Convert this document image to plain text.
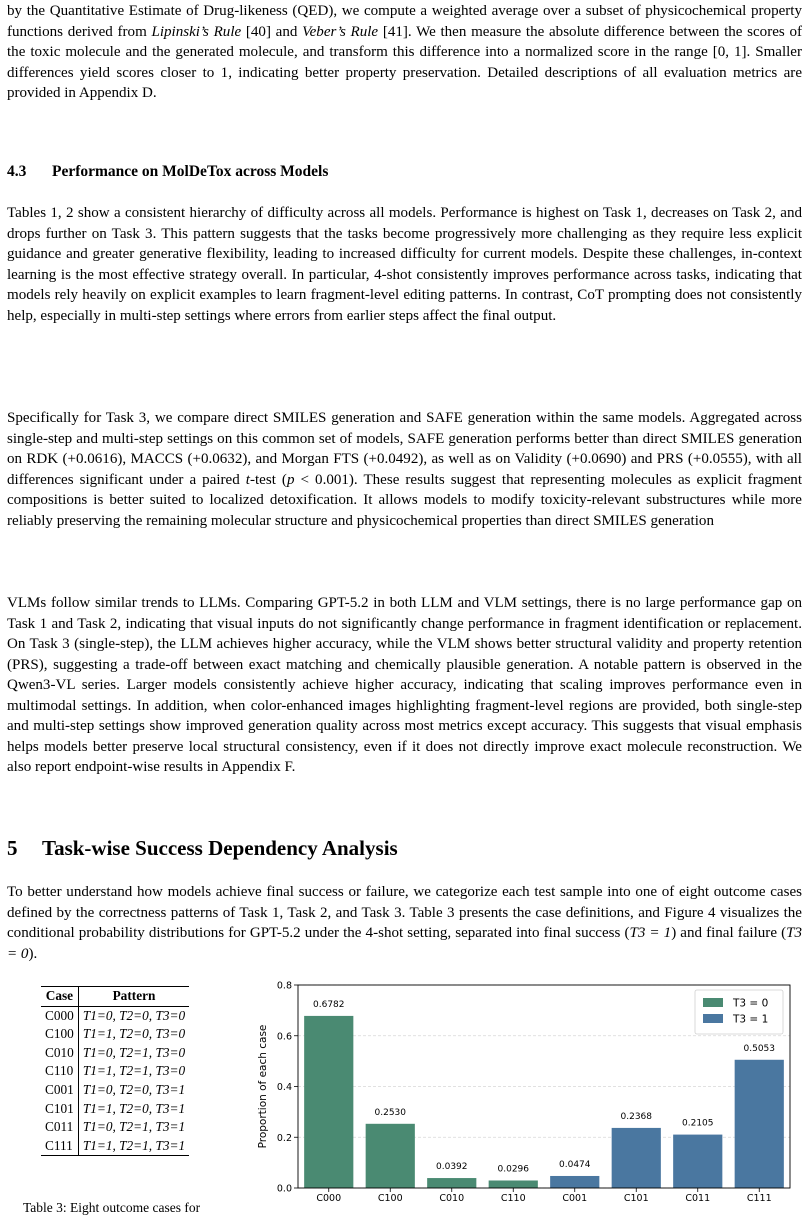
by the Quantitative Estimate of Drug-likeness (QED), we compute a weighted average over a subset of physicochemical property functions derived from Lipinski’s Rule [40] and Veber’s Rule [41]. We then measure the absolute difference between the scores of the toxic molecule and the generated molecule, and transform this difference into a normalized score in the range [0, 1]. Smaller differences yield scores closer to 1, indicating better property preservation. Detailed descriptions of all evaluation metrics are provided in Appendix D.

4.3 Performance on MolDeTox across Models

Tables 1, 2 show a consistent hierarchy of difficulty across all models. Performance is highest on Task 1, decreases on Task 2, and drops further on Task 3. This pattern suggests that the tasks become progressively more challenging as they require less explicit guidance and greater generative flexibility, leading to increased difficulty for current models. Despite these challenges, in-context learning is the most effective strategy overall. In particular, 4-shot consistently improves performance across tasks, indicating that models rely heavily on explicit examples to learn fragment-level editing patterns. In contrast, CoT prompting does not consistently help, especially in multi-step settings where errors from earlier steps affect the final output.

Specifically for Task 3, we compare direct SMILES generation and SAFE generation within the same models. Aggregated across single-step and multi-step settings on this common set of models, SAFE generation performs better than direct SMILES generation on RDK (+0.0616), MACCS (+0.0632), and Morgan FTS (+0.0492), as well as on Validity (+0.0690) and PRS (+0.0555), with all differences significant under a paired t-test (p < 0.001). These results suggest that representing molecules as explicit fragment compositions is better suited to localized detoxification. It allows models to modify toxicity-relevant substructures while more reliably preserving the remaining molecular structure and physicochemical properties than direct SMILES generation

VLMs follow similar trends to LLMs. Comparing GPT-5.2 in both LLM and VLM settings, there is no large performance gap on Task 1 and Task 2, indicating that visual inputs do not significantly change performance in fragment identification or replacement. On Task 3 (single-step), the LLM achieves higher accuracy, while the VLM shows better structural validity and property retention (PRS), suggesting a trade-off between exact matching and chemically plausible generation. A notable pattern is observed in the Qwen3-VL series. Larger models consistently achieve higher accuracy, indicating that scaling improves performance even in multimodal settings. In addition, when color-enhanced images highlighting fragment-level regions are provided, both single-step and multi-step settings show improved generation quality across most metrics except accuracy. This suggests that visual emphasis helps models better preserve local structural consistency, even if it does not directly improve exact molecule reconstruction. We also report endpoint-wise results in Appendix F.

5 Task-wise Success Dependency Analysis

To better understand how models achieve final success or failure, we categorize each test sample into one of eight outcome cases defined by the correctness patterns of Task 1, Task 2, and Task 3. Table 3 presents the case definitions, and Figure 4 visualizes the conditional probability distributions for GPT-5.2 under the 4-shot setting, separated into final success (T3 = 1) and final failure (T3 = 0).

Case	Pattern
C000	T1=0, T2=0, T3=0
C100	T1=1, T2=0, T3=0
C010	T1=0, T2=1, T3=0
C110	T1=1, T2=1, T3=0
C001	T1=0, T2=0, T3=1
C101	T1=1, T2=0, T3=1
C011	T1=0, T2=1, T3=1
C111	T1=1, T2=1, T3=1
Table 3: Eight outcome cases for
0.0
0.2
0.4
0.6
0.8
0.6782
C000
0.2530
C100
0.0392
C010
0.0296
C110
0.0474
C001
0.2368
C101
0.2105
C011
0.5053
C111
Proportion of each case
T3 = 0
T3 = 1
